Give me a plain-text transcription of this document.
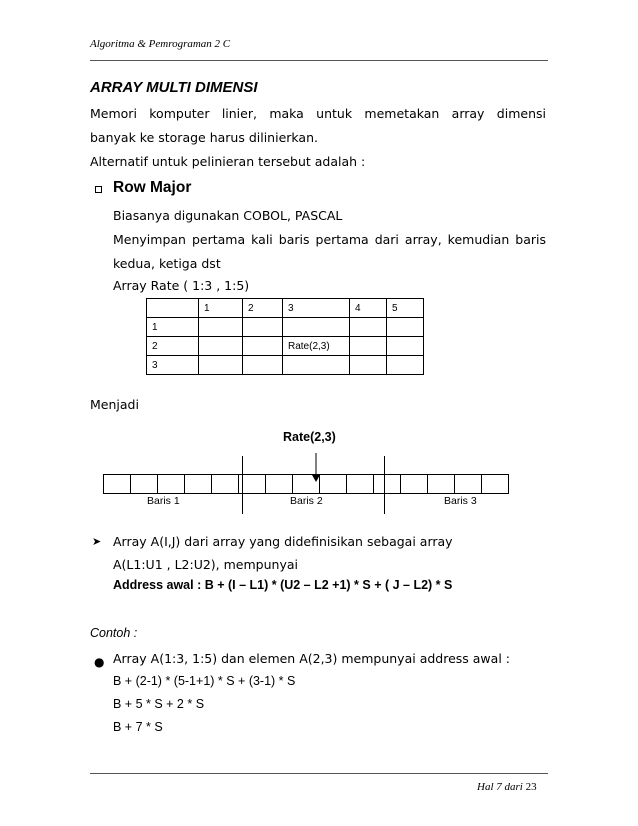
Algoritma & Pemrograman 2 C
ARRAY MULTI DIMENSI
Memori komputer linier, maka untuk memetakan array dimensi
banyak ke storage harus dilinierkan.
Alternatif untuk pelinieran tersebut adalah :
Row Major
Biasanya digunakan COBOL, PASCAL
Menyimpan pertama kali baris pertama dari array, kemudian baris
kedua, ketiga dst
Array Rate ( 1:3 , 1:5)
	1	2	3	4	5
1					
2			Rate(2,3)		
3					
Menjadi
Rate(2,3)
Baris 1	Baris 2	Baris 3
➤ Array A(I,J) dari array yang didefinisikan sebagai array
A(L1:U1 , L2:U2), mempunyai
Address awal : B + (I – L1) * (U2 – L2 +1) * S + ( J – L2) * S
Contoh :
● Array A(1:3, 1:5) dan elemen A(2,3) mempunyai address awal :
B + (2-1) * (5-1+1) * S + (3-1) * S
B + 5 * S + 2 * S
B + 7 * S
Hal 7 dari 23
